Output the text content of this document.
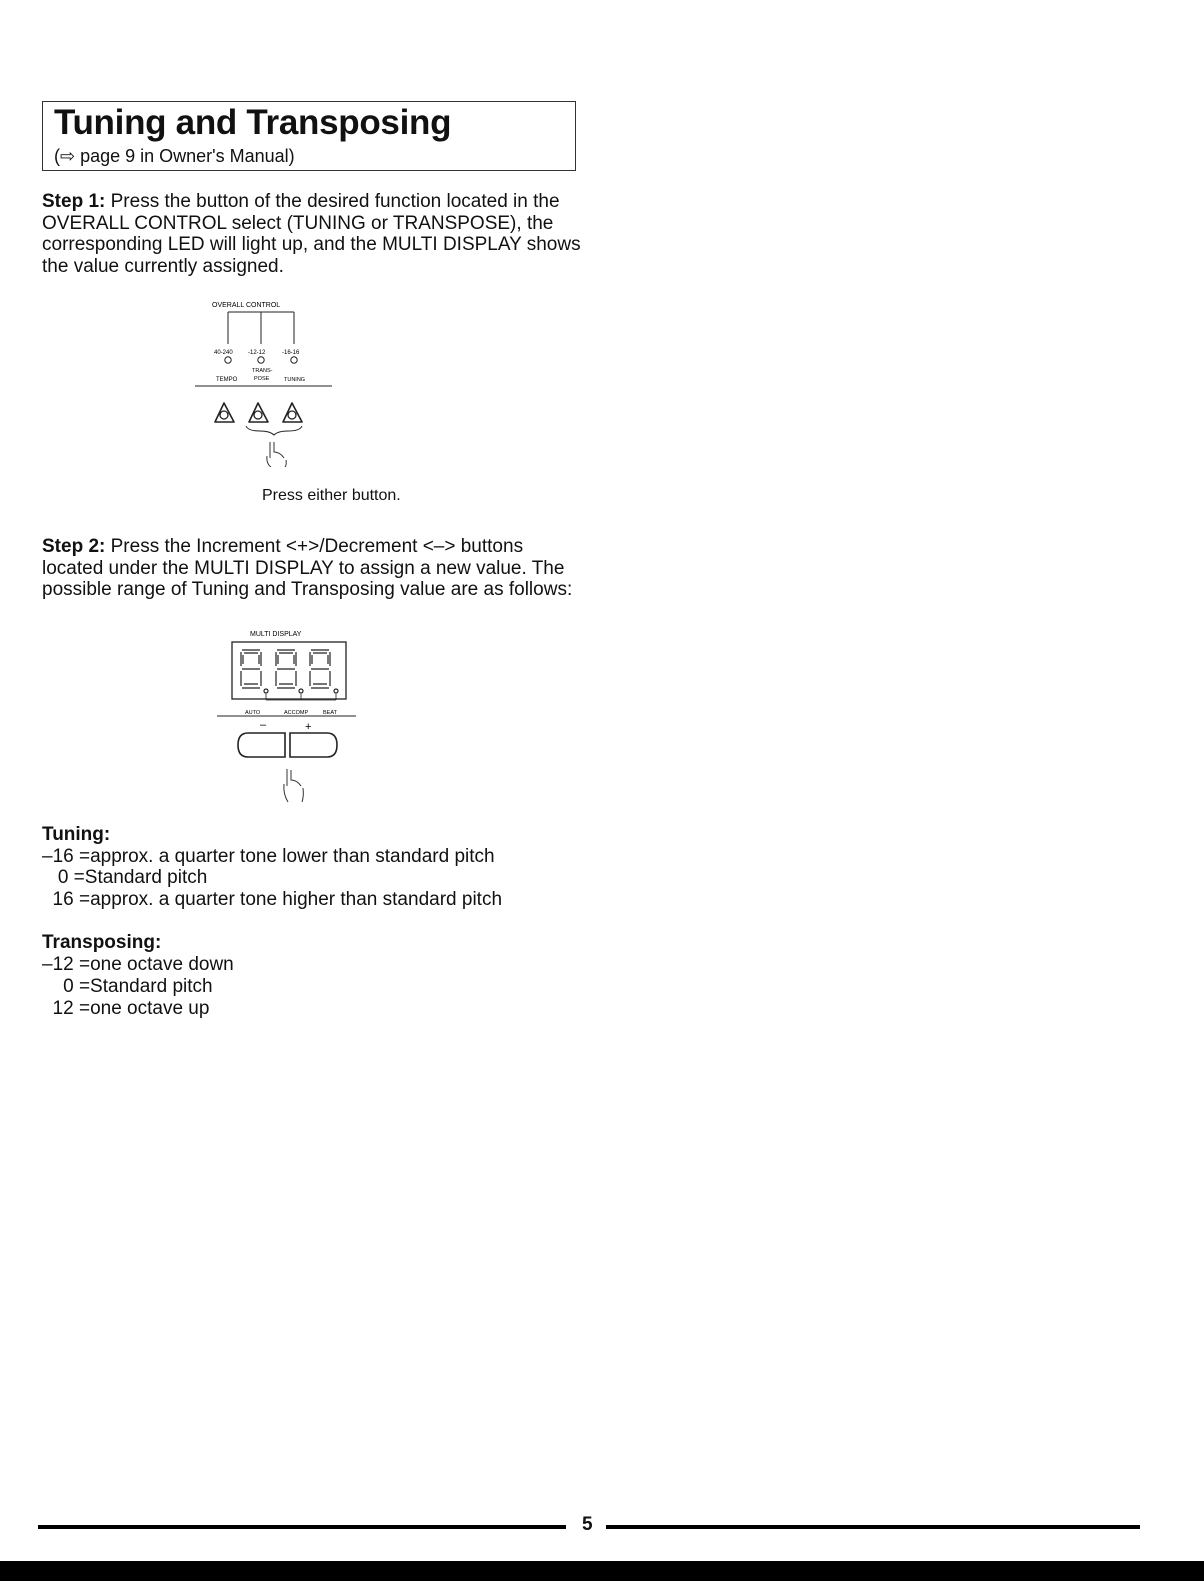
Tuning and Transposing
(⇨ page 9 in Owner's Manual)
Step 1: Press the button of the desired function located in the OVERALL CONTROL select (TUNING or TRANSPOSE), the corresponding LED will light up, and the MULTI DISPLAY shows the value currently assigned.
OVERALL CONTROL
40-240	-12-12	-16-16
TEMPO
TRANS-
POSE	TUNING
Press either button.
Step 2: Press the Increment <+>/Decrement <–> buttons located under the MULTI DISPLAY to assign a new value. The possible range of Tuning and Transposing value are as follows:
MULTI DISPLAY
AUTO	ACCOMP	BEAT
–	+
Tuning:
–16 =approx. a quarter tone lower than standard pitch
0 =Standard pitch
16 =approx. a quarter tone higher than standard pitch
Transposing:
–12 =one octave down
0 =Standard pitch
12 =one octave up
5
